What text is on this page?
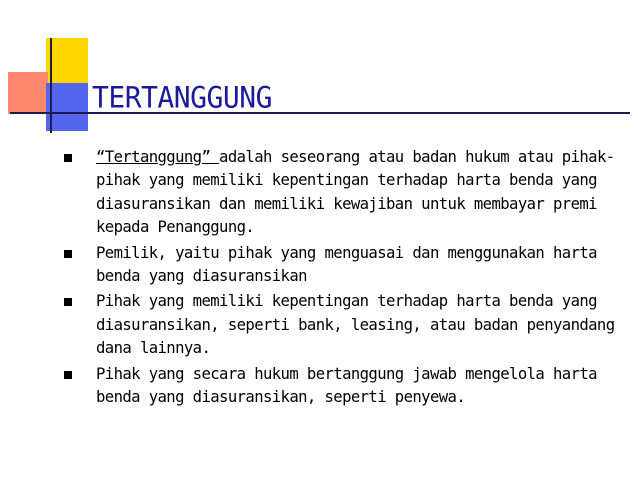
TERTANGGUNG
“Tertanggung” adalah seseorang atau badan hukum atau pihak-pihak yang memiliki kepentingan terhadap harta benda yang diasuransikan dan memiliki kewajiban untuk membayar premi kepada Penanggung.
Pemilik, yaitu pihak yang menguasai dan menggunakan harta benda yang diasuransikan
Pihak yang memiliki kepentingan terhadap harta benda yang diasuransikan, seperti bank, leasing, atau badan penyandang dana lainnya.
Pihak yang secara hukum bertanggung jawab mengelola harta benda yang diasuransikan, seperti penyewa.
